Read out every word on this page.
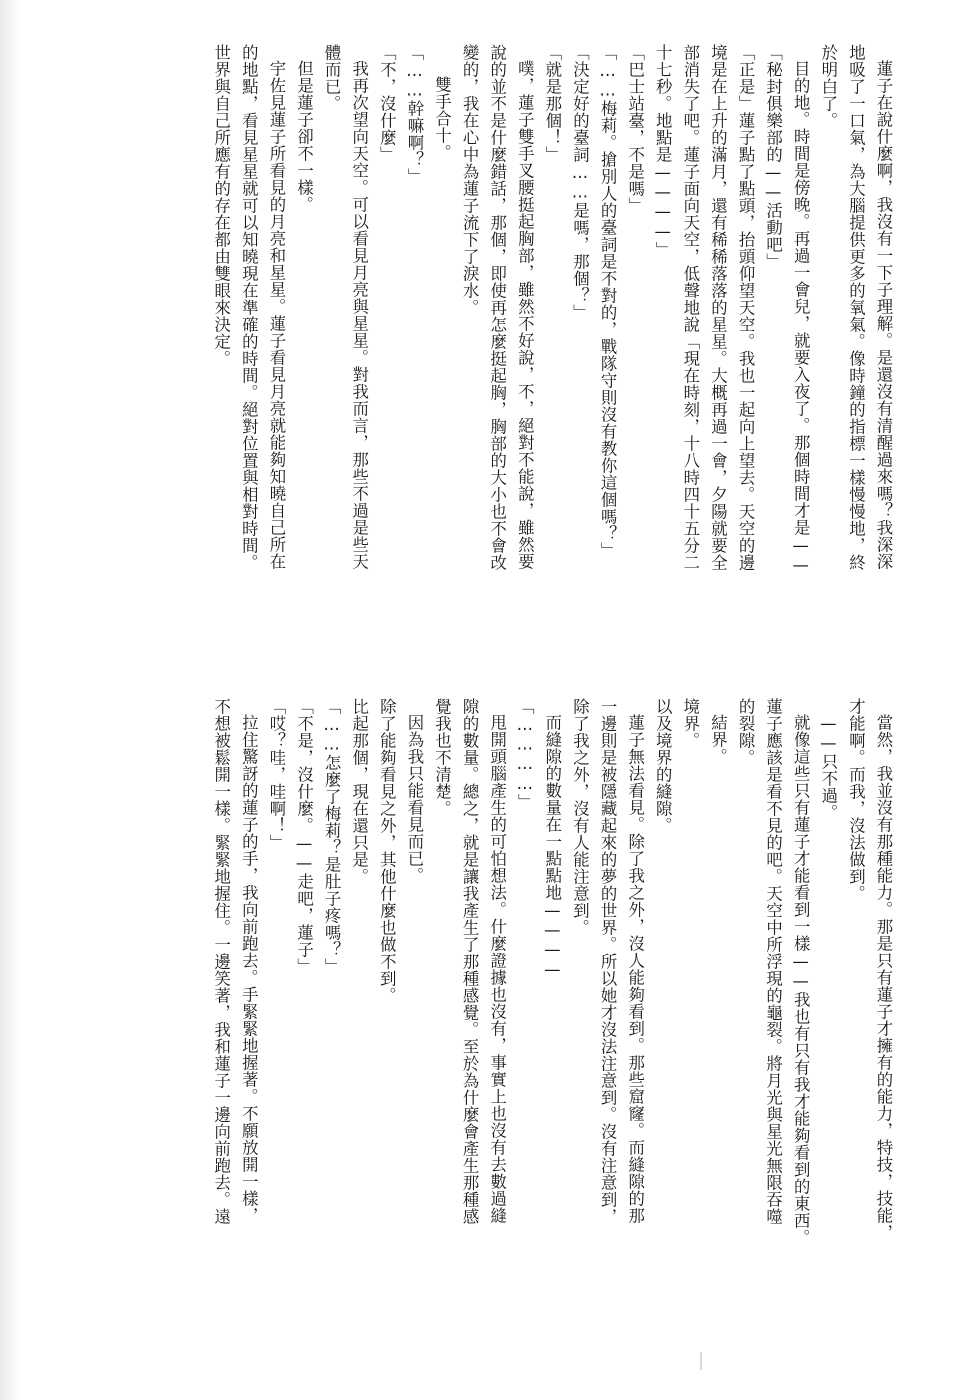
蓮子在說什麼啊，我沒有一下子理解。是還沒有清醒過來嗎？我深深
地吸了一口氣，為大腦提供更多的氧氣。像時鐘的指標一樣慢慢地，終
於明白了。
目的地。時間是傍晚。再過一會兒，就要入夜了。那個時間才是——
「秘封俱樂部的——活動吧」
「正是」蓮子點了點頭，抬頭仰望天空。我也一起向上望去。天空的邊
境是在上升的滿月，還有稀稀落落的星星。大概再過一會，夕陽就要全
部消失了吧。蓮子面向天空，低聲地說「現在時刻，十八時四十五分二
十七秒。地點是————」
「巴士站臺，不是嗎」
「……梅莉。搶別人的臺詞是不對的，戰隊守則沒有教你這個嗎？」
「決定好的臺詞……是嗎，那個？」
「就是那個！」
噗，蓮子雙手叉腰挺起胸部，雖然不好說，不，絕對不能說，雖然要
說的並不是什麼錯話，那個，即使再怎麼挺起胸，胸部的大小也不會改
變的，我在心中為蓮子流下了淚水。
雙手合十。
「……幹嘛啊？」
「不，沒什麼」
我再次望向天空。可以看見月亮與星星。對我而言，那些不過是些天
體而已。
但是蓮子卻不一樣。
宇佐見蓮子所看見的月亮和星星。蓮子看見月亮就能夠知曉自己所在
的地點，看見星星就可以知曉現在準確的時間。絕對位置與相對時間。
世界與自己所應有的存在都由雙眼來決定。
當然，我並沒有那種能力。那是只有蓮子才擁有的能力，特技，技能，
才能啊。而我，沒法做到。
——只不過。
就像這些只有蓮子才能看到一樣——我也有只有我才能夠看到的東西。
蓮子應該是看不見的吧。天空中所浮現的龜裂。將月光與星光無限吞噬
的裂隙。
結界。
境界。
以及境界的縫隙。
蓮子無法看見。除了我之外，沒人能夠看到。那些窟窿。而縫隙的那
一邊則是被隱藏起來的夢的世界。所以她才沒法注意到。沒有注意到，
除了我之外，沒有人能注意到。
而縫隙的數量在一點點地————
「…………」
甩開頭腦產生的可怕想法。什麼證據也沒有，事實上也沒有去數過縫
隙的數量。總之，就是讓我產生了那種感覺。至於為什麼會產生那種感
覺我也不清楚。
因為我只能看見而已。
除了能夠看見之外，其他什麼也做不到。
比起那個，現在還只是。
「……怎麼了梅莉？是肚子疼嗎？」
「不是，沒什麼。——走吧，蓮子」
「哎？哇，哇啊！」
拉住驚訝的蓮子的手，我向前跑去。手緊緊地握著。不願放開一樣，
不想被鬆開一樣。緊緊地握住。一邊笑著，我和蓮子一邊向前跑去。遠
